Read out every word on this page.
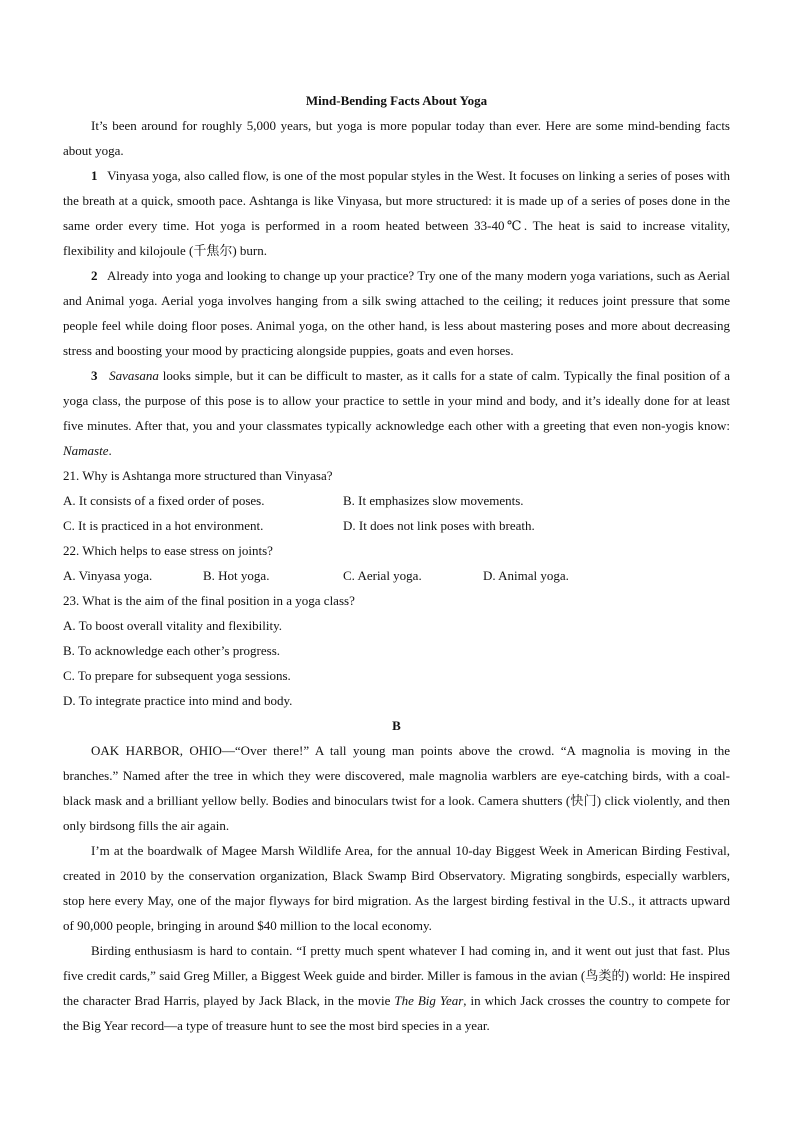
Mind-Bending Facts About Yoga

It’s been around for roughly 5,000 years, but yoga is more popular today than ever. Here are some mind-bending facts about yoga.

1 Vinyasa yoga, also called flow, is one of the most popular styles in the West. It focuses on linking a series of poses with the breath at a quick, smooth pace. Ashtanga is like Vinyasa, but more structured: it is made up of a series of poses done in the same order every time. Hot yoga is performed in a room heated between 33-40℃. The heat is said to increase vitality, flexibility and kilojoule (千焦尔) burn.

2 Already into yoga and looking to change up your practice? Try one of the many modern yoga variations, such as Aerial and Animal yoga. Aerial yoga involves hanging from a silk swing attached to the ceiling; it reduces joint pressure that some people feel while doing floor poses. Animal yoga, on the other hand, is less about mastering poses and more about decreasing stress and boosting your mood by practicing alongside puppies, goats and even horses.

3 Savasana looks simple, but it can be difficult to master, as it calls for a state of calm. Typically the final position of a yoga class, the purpose of this pose is to allow your practice to settle in your mind and body, and it’s ideally done for at least five minutes. After that, you and your classmates typically acknowledge each other with a greeting that even non-yogis know: Namaste.

21. Why is Ashtanga more structured than Vinyasa?

A. It consists of a fixed order of poses.	B. It emphasizes slow movements.
C. It is practiced in a hot environment.	D. It does not link poses with breath.

22. Which helps to ease stress on joints?

A. Vinyasa yoga.	B. Hot yoga.	C. Aerial yoga.	D. Animal yoga.

23. What is the aim of the final position in a yoga class?

A. To boost overall vitality and flexibility.

B. To acknowledge each other’s progress.

C. To prepare for subsequent yoga sessions.

D. To integrate practice into mind and body.

B

OAK HARBOR, OHIO—“Over there!” A tall young man points above the crowd. “A magnolia is moving in the branches.” Named after the tree in which they were discovered, male magnolia warblers are eye-catching birds, with a coal-black mask and a brilliant yellow belly. Bodies and binoculars twist for a look. Camera shutters (快门) click violently, and then only birdsong fills the air again.

I’m at the boardwalk of Magee Marsh Wildlife Area, for the annual 10-day Biggest Week in American Birding Festival, created in 2010 by the conservation organization, Black Swamp Bird Observatory. Migrating songbirds, especially warblers, stop here every May, one of the major flyways for bird migration. As the largest birding festival in the U.S., it attracts upward of 90,000 people, bringing in around $40 million to the local economy.

Birding enthusiasm is hard to contain. “I pretty much spent whatever I had coming in, and it went out just that fast. Plus five credit cards,” said Greg Miller, a Biggest Week guide and birder. Miller is famous in the avian (鸟类的) world: He inspired the character Brad Harris, played by Jack Black, in the movie The Big Year, in which Jack crosses the country to compete for the Big Year record—a type of treasure hunt to see the most bird species in a year.
